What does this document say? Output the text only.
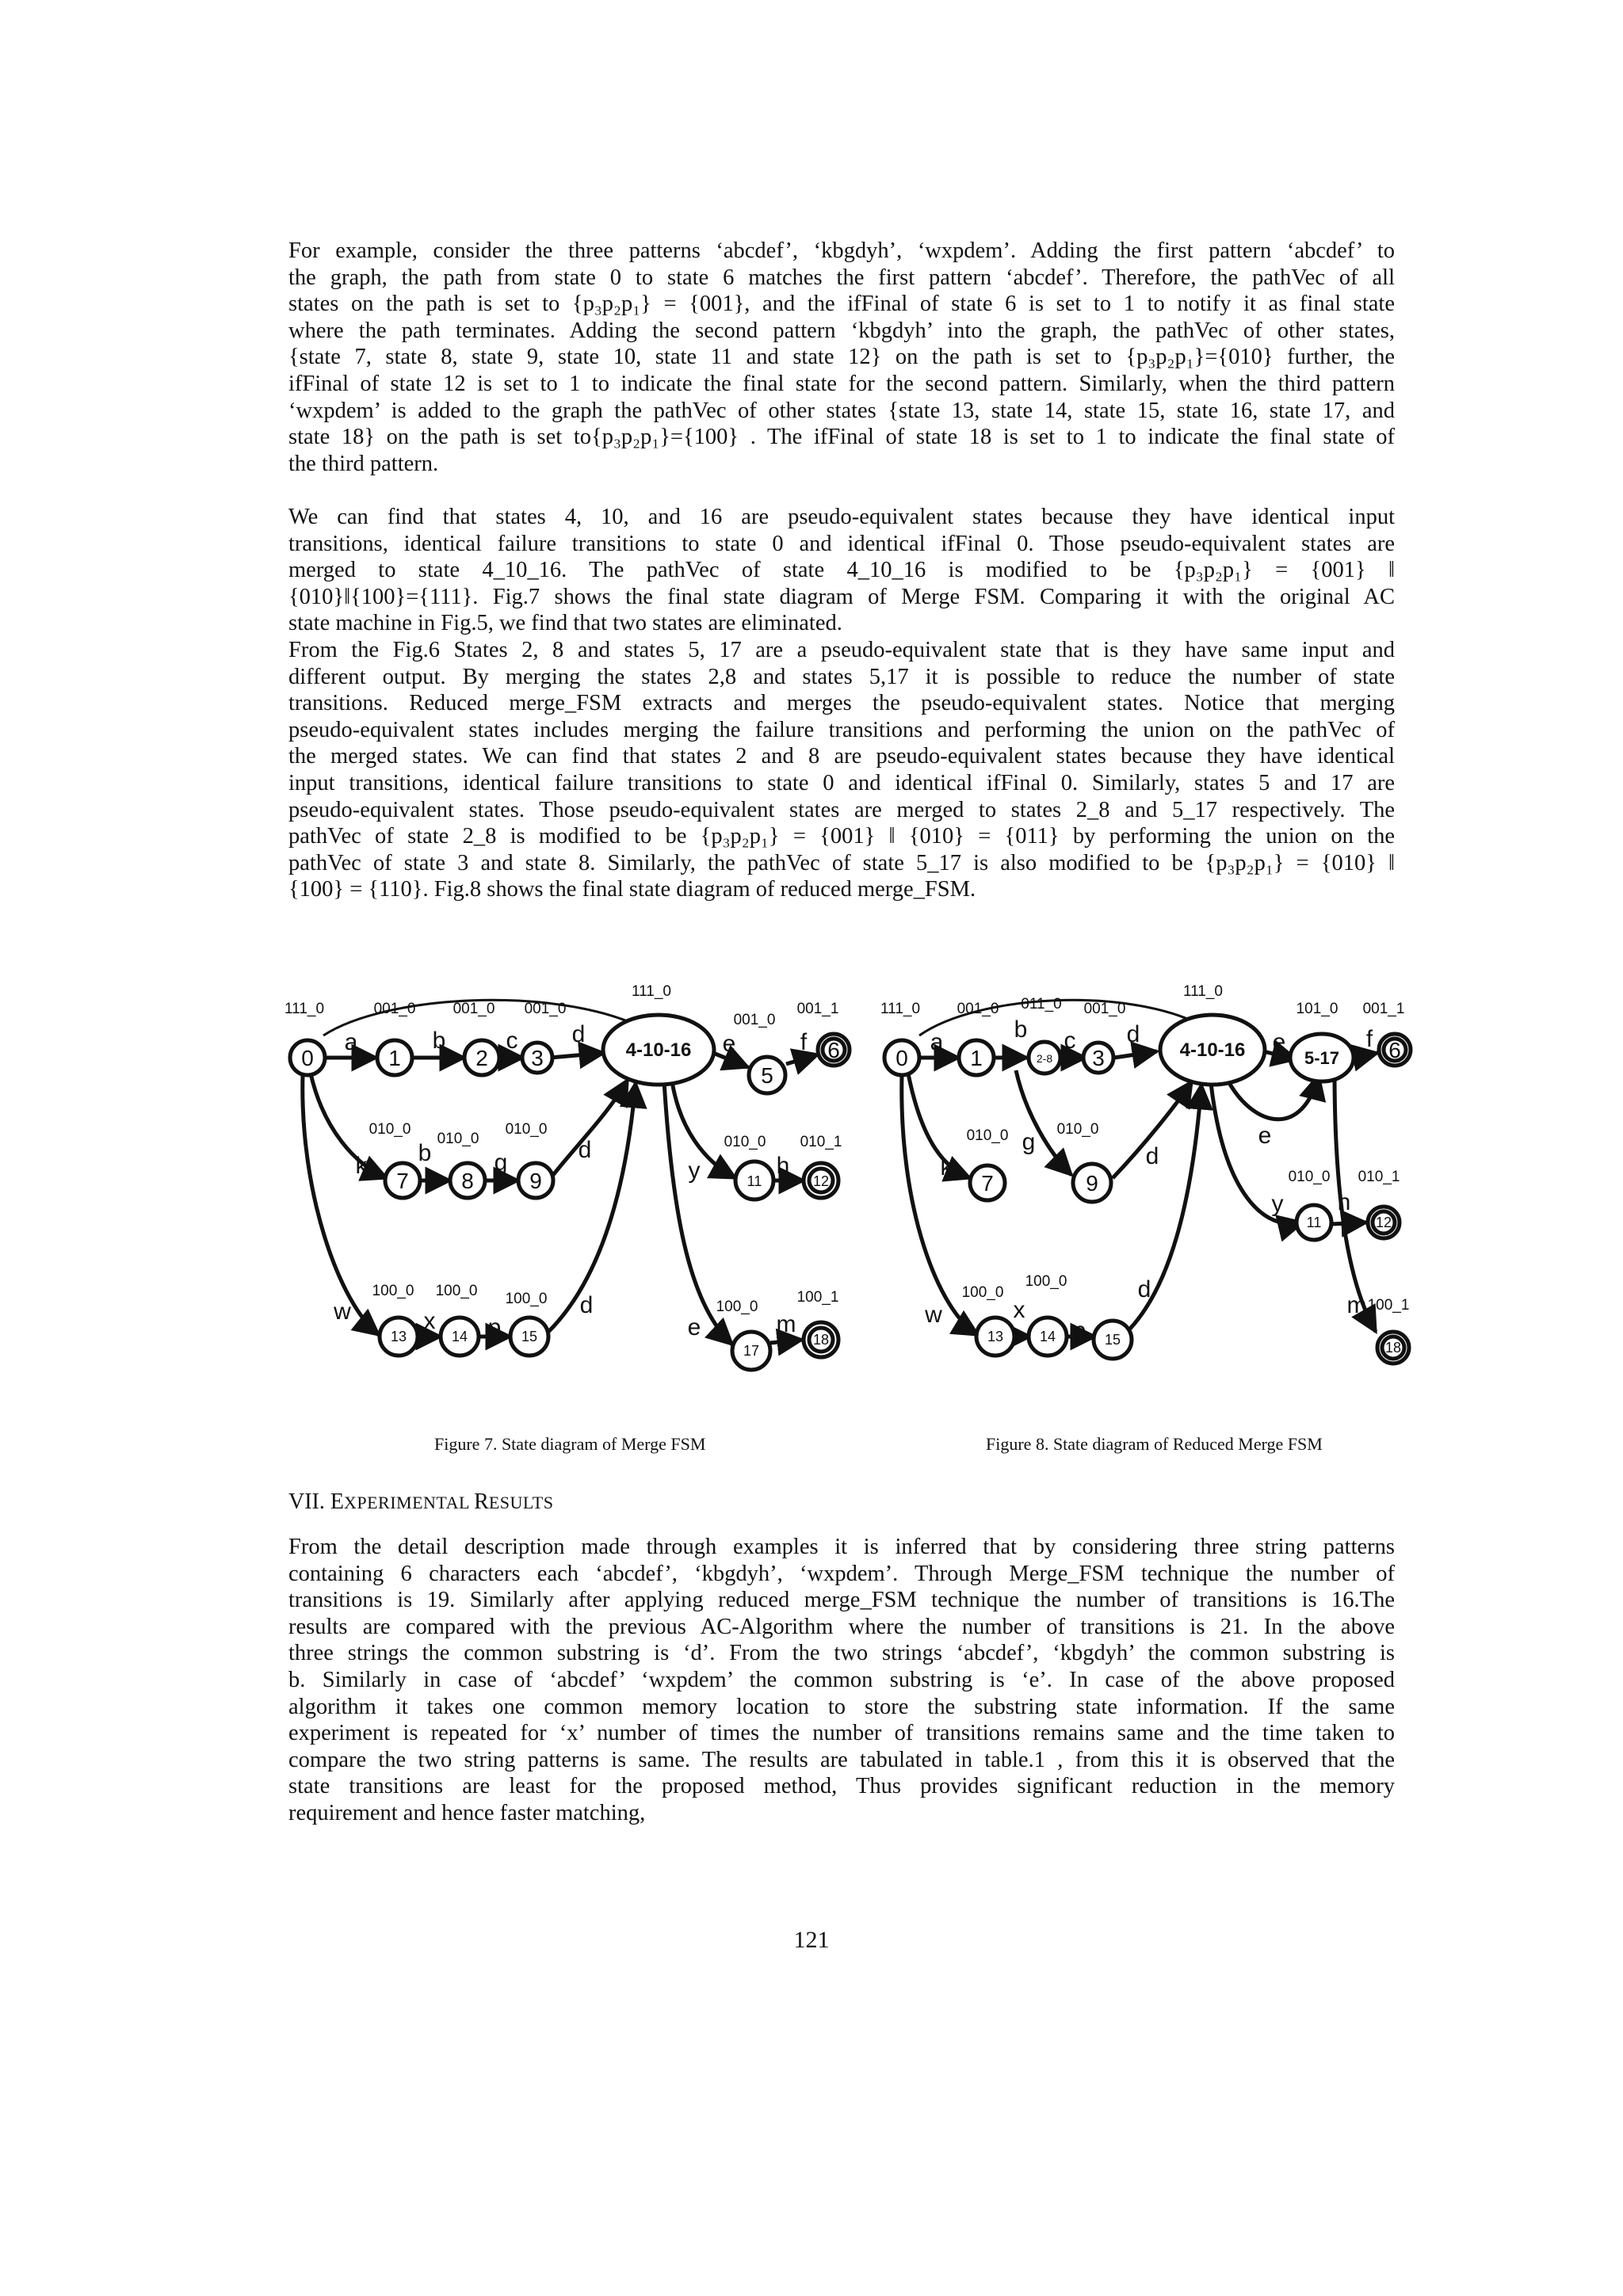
For example, consider the three patterns ‘abcdef’, ‘kbgdyh’, ‘wxpdem’. Adding the first pattern ‘abcdef’ to
the graph, the path from state 0 to state 6 matches the first pattern ‘abcdef’. Therefore, the pathVec of all
states on the path is set to {p₃p₂p₁} = {001}, and the ifFinal of state 6 is set to 1 to notify it as final state
where the path terminates. Adding the second pattern ‘kbgdyh’ into the graph, the pathVec of other states,
{state 7, state 8, state 9, state 10, state 11 and state 12} on the path is set to {p₃p₂p₁}={010} further, the
ifFinal of state 12 is set to 1 to indicate the final state for the second pattern. Similarly, when the third pattern
‘wxpdem’ is added to the graph the pathVec of other states {state 13, state 14, state 15, state 16, state 17, and
state 18} on the path is set to{p₃p₂p₁}={100} . The ifFinal of state 18 is set to 1 to indicate the final state of
the third pattern.
We can find that states 4, 10, and 16 are pseudo-equivalent states because they have identical input
transitions, identical failure transitions to state 0 and identical ifFinal 0. Those pseudo-equivalent states are
merged to state 4_10_16. The pathVec of state 4_10_16 is modified to be {p₃p₂p₁} = {001} ‖
{010}‖{100}={111}. Fig.7 shows the final state diagram of Merge FSM. Comparing it with the original AC
state machine in Fig.5, we find that two states are eliminated.
From the Fig.6 States 2, 8 and states 5, 17 are a pseudo-equivalent state that is they have same input and
different output. By merging the states 2,8 and states 5,17 it is possible to reduce the number of state
transitions. Reduced merge_FSM extracts and merges the pseudo-equivalent states. Notice that merging
pseudo-equivalent states includes merging the failure transitions and performing the union on the pathVec of
the merged states. We can find that states 2 and 8 are pseudo-equivalent states because they have identical
input transitions, identical failure transitions to state 0 and identical ifFinal 0. Similarly, states 5 and 17 are
pseudo-equivalent states. Those pseudo-equivalent states are merged to states 2_8 and 5_17 respectively. The
pathVec of state 2_8 is modified to be {p₃p₂p₁} = {001} ‖ {010} = {011} by performing the union on the
pathVec of state 3 and state 8. Similarly, the pathVec of state 5_17 is also modified to be {p₃p₂p₁} = {010} ‖
{100} = {110}. Fig.8 shows the final state diagram of reduced merge_FSM.
0	1	2 3	4-10-16
5
6
7 8	9	11	12
13	14	15
17
18
111_0	001_0 001_0 001_0
111_0
001_0
001_1
010_0
010_0
010_0
010_0 010_1
100_0 100_0 100_0	100_0
100_1
a	b	c d	e	f
k b	g	d
y	h
w	x p
d
e	m
0	1	2-8 3	4-10-16	5-17 6
7	9
11	12
13	14	15	18
111_0 001_0 011_0 001_0
111_0
101_0 001_1
010_0	010_0
010_0 010_1
100_0
100_0
100_1
a	b c d	e	f
k
g
d
e
y h
m
w	x
p
d
Figure 7. State diagram of Merge FSM	Figure 8. State diagram of Reduced Merge FSM
VII. EXPERIMENTAL RESULTS
From the detail description made through examples it is inferred that by considering three string patterns
containing 6 characters each ‘abcdef’, ‘kbgdyh’, ‘wxpdem’. Through Merge_FSM technique the number of
transitions is 19. Similarly after applying reduced merge_FSM technique the number of transitions is 16.The
results are compared with the previous AC-Algorithm where the number of transitions is 21. In the above
three strings the common substring is ‘d’. From the two strings ‘abcdef’, ‘kbgdyh’ the common substring is
b. Similarly in case of ‘abcdef’ ‘wxpdem’ the common substring is ‘e’. In case of the above proposed
algorithm it takes one common memory location to store the substring state information. If the same
experiment is repeated for ‘x’ number of times the number of transitions remains same and the time taken to
compare the two string patterns is same. The results are tabulated in table.1 , from this it is observed that the
state transitions are least for the proposed method, Thus provides significant reduction in the memory
requirement and hence faster matching,
121
